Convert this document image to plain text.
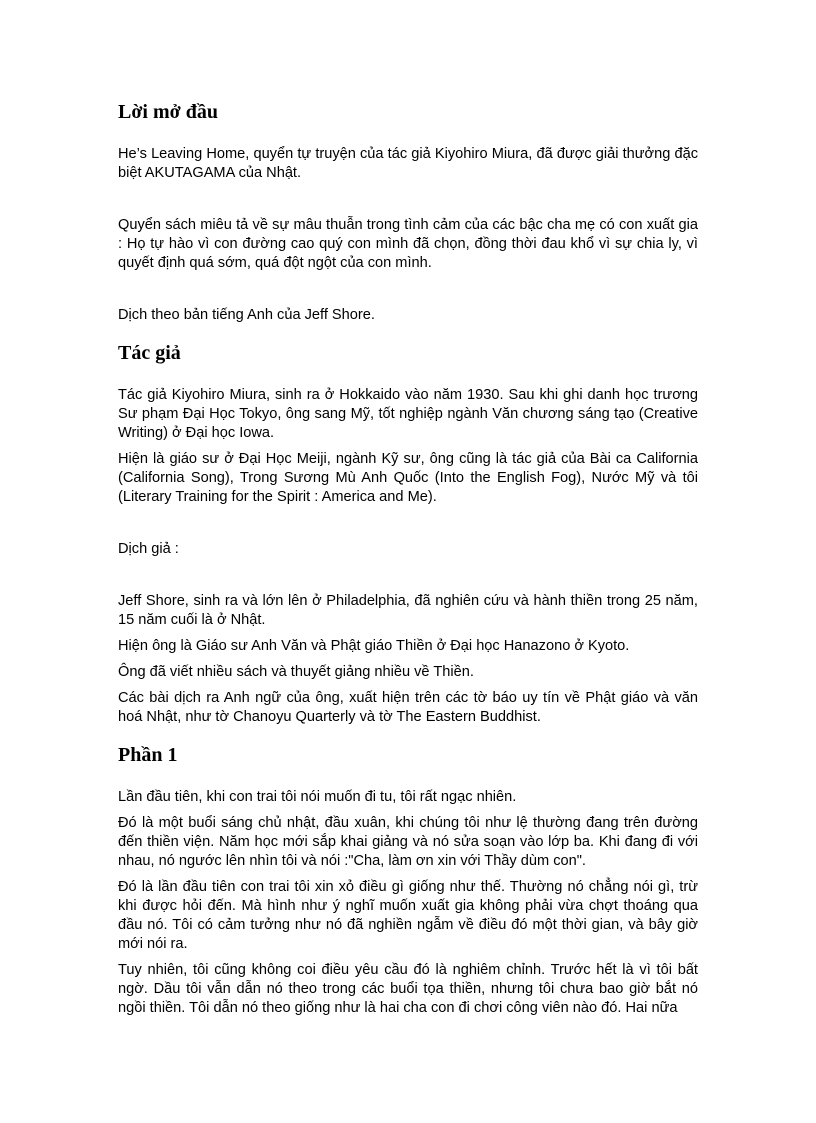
Lời mở đầu

He’s Leaving Home, quyển tự truyện của tác giả Kiyohiro Miura, đã được giải thưởng đặc biệt AKUTAGAMA của Nhật.

Quyển sách miêu tả về sự mâu thuẫn trong tình cảm của các bậc cha mẹ có con xuất gia : Họ tự hào vì con đường cao quý con mình đã chọn, đồng thời đau khổ vì sự chia ly, vì quyết định quá sớm, quá đột ngột của con mình.

Dịch theo bản tiếng Anh của Jeff Shore.

Tác giả

Tác giả Kiyohiro Miura, sinh ra ở Hokkaido vào năm 1930. Sau khi ghi danh học trương Sư phạm Đại Học Tokyo, ông sang Mỹ, tốt nghiệp ngành Văn chương sáng tạo (Creative Writing) ở Đại học Iowa.

Hiện là giáo sư ở Đại Học Meiji, ngành Kỹ sư, ông cũng là tác giả của Bài ca California (California Song), Trong Sương Mù Anh Quốc (Into the English Fog), Nước Mỹ và tôi (Literary Training for the Spirit : America and Me).

Dịch giả :

Jeff Shore, sinh ra và lớn lên ở Philadelphia, đã nghiên cứu và hành thiền trong 25 năm, 15 năm cuối là ở Nhật.

Hiện ông là Giáo sư Anh Văn và Phật giáo Thiền ở Đại học Hanazono ở Kyoto.

Ông đã viết nhiều sách và thuyết giảng nhiều về Thiền.

Các bài dịch ra Anh ngữ của ông, xuất hiện trên các tờ báo uy tín về Phật giáo và văn hoá Nhật, như tờ Chanoyu Quarterly và tờ The Eastern Buddhist.

Phần 1

Lần đầu tiên, khi con trai tôi nói muốn đi tu, tôi rất ngạc nhiên.

Đó là một buổi sáng chủ nhật, đầu xuân, khi chúng tôi như lệ thường đang trên đường đến thiền viện. Năm học mới sắp khai giảng và nó sửa soạn vào lớp ba. Khi đang đi với nhau, nó ngước lên nhìn tôi và nói :"Cha, làm ơn xin với Thầy dùm con".

Đó là lần đầu tiên con trai tôi xin xỏ điều gì giống như thế. Thường nó chẳng nói gì, trừ khi được hỏi đến. Mà hình như ý nghĩ muốn xuất gia không phải vừa chợt thoáng qua đầu nó. Tôi có cảm tưởng như nó đã nghiền ngẫm về điều đó một thời gian, và bây giờ mới nói ra.

Tuy nhiên, tôi cũng không coi điều yêu cầu đó là nghiêm chỉnh. Trước hết là vì tôi bất ngờ. Dầu tôi vẫn dẫn nó theo trong các buổi tọa thiền, nhưng tôi chưa bao giờ bắt nó ngồi thiền. Tôi dẫn nó theo giống như là hai cha con đi chơi công viên nào đó. Hai nữa
